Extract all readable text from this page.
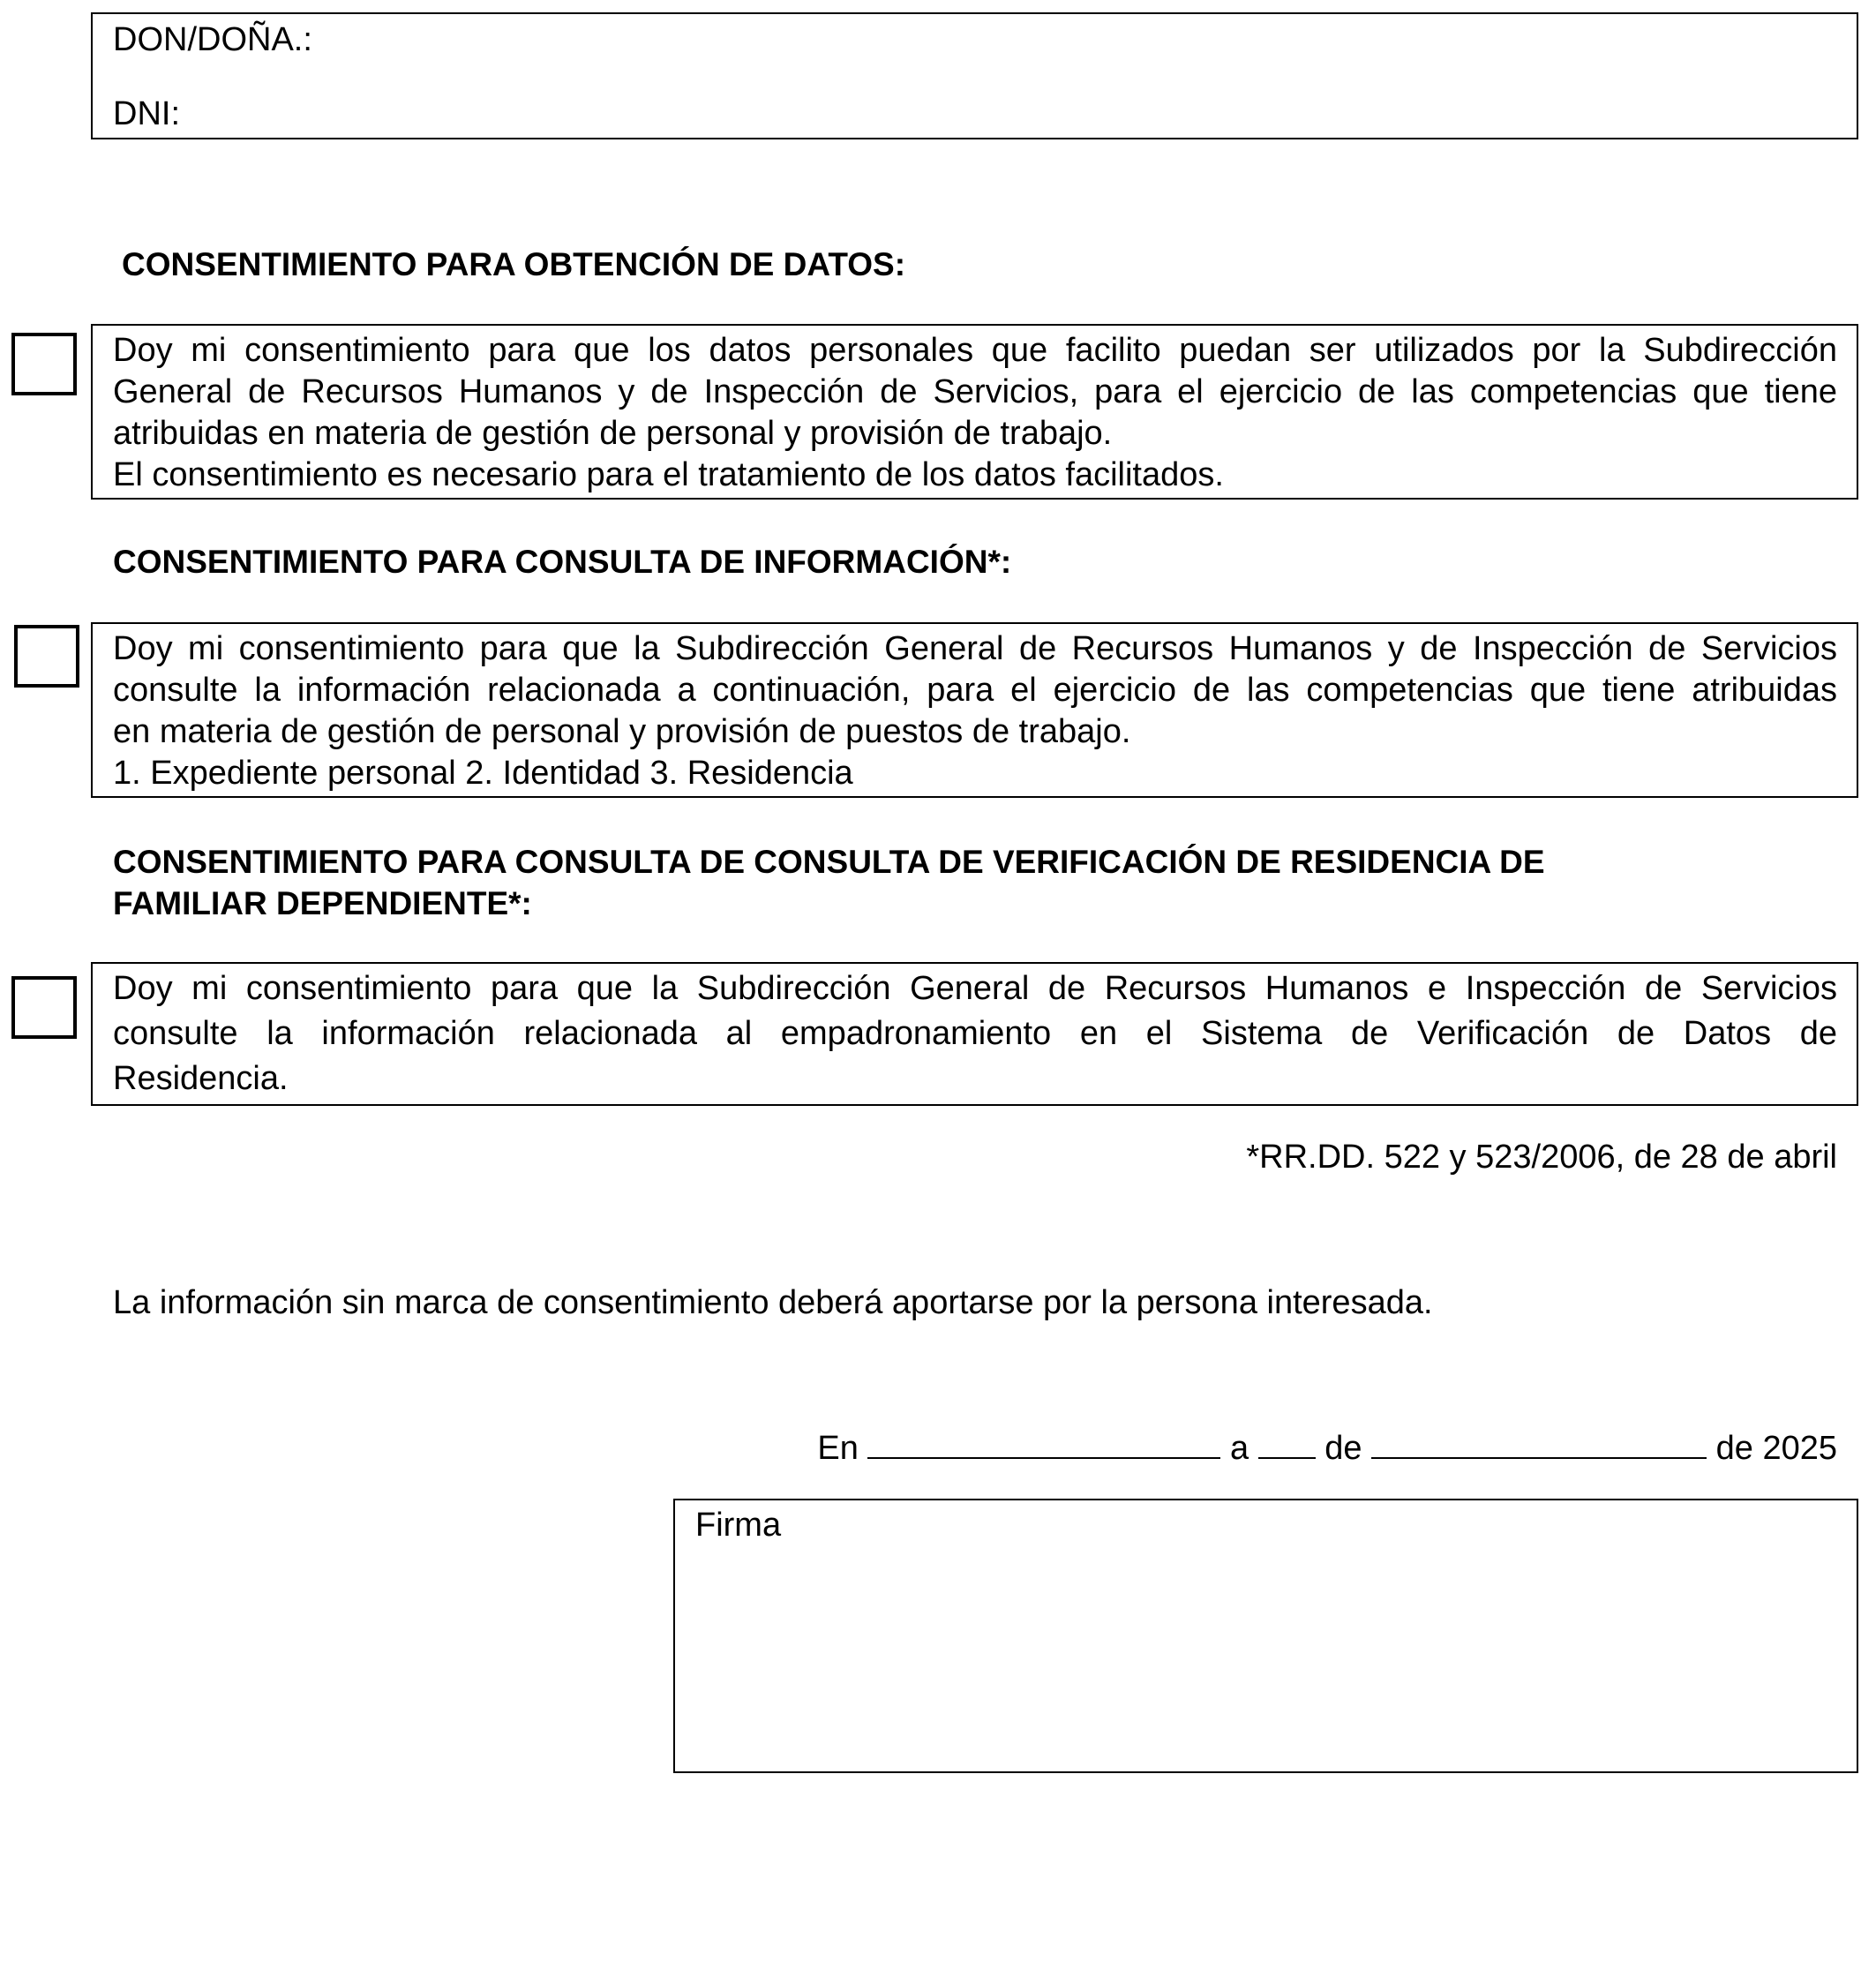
DON/DOÑA.:
DNI:
CONSENTIMIENTO PARA OBTENCIÓN DE DATOS:
Doy mi consentimiento para que los datos personales que facilito puedan ser utilizados por la Subdirección
General de Recursos Humanos y de Inspección de Servicios, para el ejercicio de las competencias que tiene
atribuidas en materia de gestión de personal y provisión de trabajo.
El consentimiento es necesario para el tratamiento de los datos facilitados.
CONSENTIMIENTO PARA CONSULTA DE INFORMACIÓN*:
Doy mi consentimiento para que la Subdirección General de Recursos Humanos y de Inspección de Servicios
consulte la información relacionada a continuación, para el ejercicio de las competencias que tiene atribuidas
en materia de gestión de personal y provisión de puestos de trabajo.
1. Expediente personal 2. Identidad 3. Residencia
CONSENTIMIENTO PARA CONSULTA DE CONSULTA DE VERIFICACIÓN DE RESIDENCIA DE
FAMILIAR DEPENDIENTE*:
Doy mi consentimiento para que la Subdirección General de Recursos Humanos e Inspección de Servicios
consulte la información relacionada al empadronamiento en el Sistema de Verificación de Datos de
Residencia.
*RR.DD. 522 y 523/2006, de 28 de abril
La información sin marca de consentimiento deberá aportarse por la persona interesada.
En	a de	de 2025
Firma
